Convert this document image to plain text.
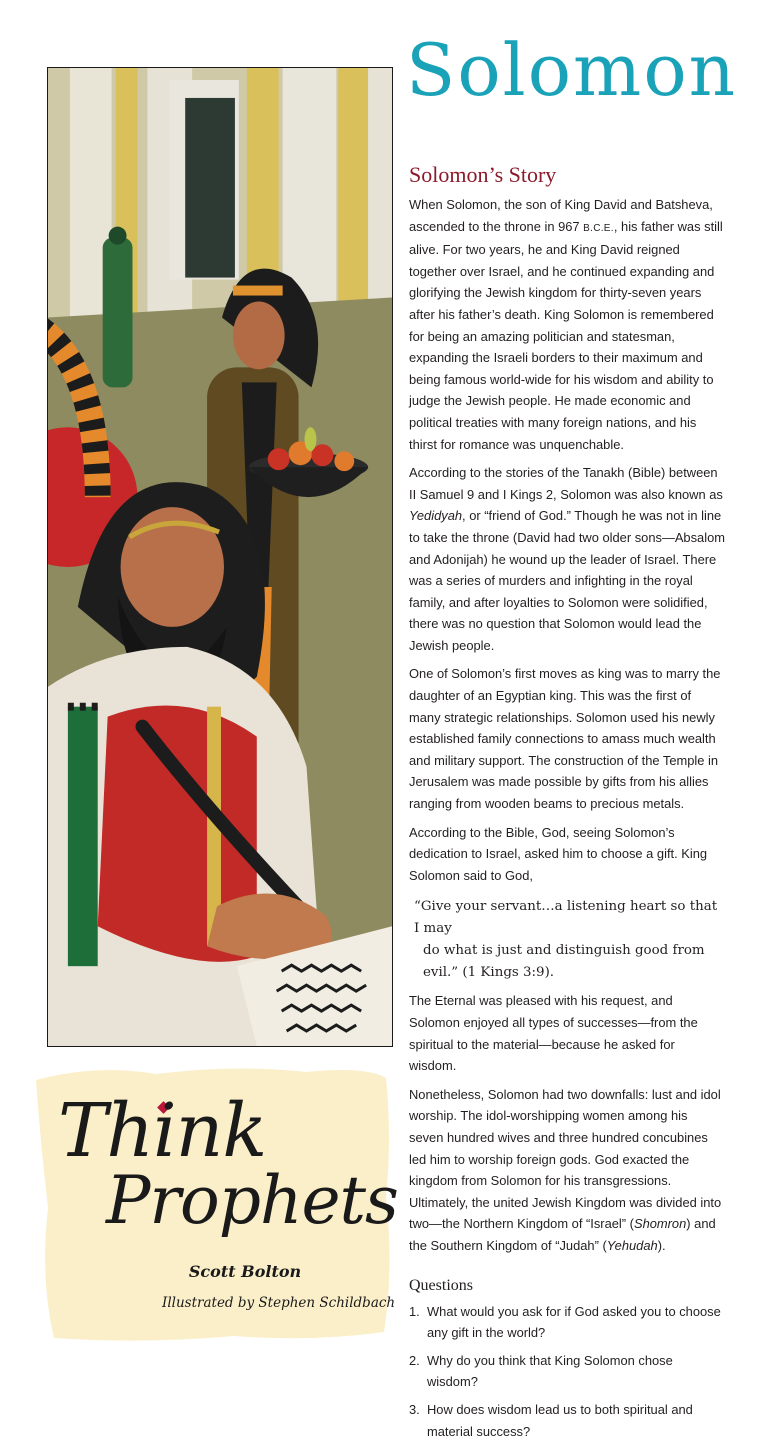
Solomon
Solomon’s Story

When Solomon, the son of King David and Batsheva, ascended to the throne in 967 B.C.E., his father was still alive. For two years, he and King David reigned together over Israel, and he continued expanding and glorifying the Jewish kingdom for thirty-seven years after his father’s death. King Solomon is remembered for being an amazing politician and statesman, expanding the Israeli borders to their maximum and being famous world-wide for his wisdom and ability to judge the Jewish people. He made economic and political treaties with many foreign nations, and his thirst for romance was unquenchable.

According to the stories of the Tanakh (Bible) between II Samuel 9 and I Kings 2, Solomon was also known as Yedidyah, or “friend of God.” Though he was not in line to take the throne (David had two older sons—Absalom and Adonijah) he wound up the leader of Israel. There was a series of murders and infighting in the royal family, and after loyalties to Solomon were solidified, there was no question that Solomon would lead the Jewish people.

One of Solomon’s first moves as king was to marry the daughter of an Egyptian king. This was the first of many strategic relationships. Solomon used his newly established family connections to amass much wealth and military support. The construction of the Temple in Jerusalem was made possible by gifts from his allies ranging from wooden beams to precious metals.

According to the Bible, God, seeing Solomon’s dedication to Israel, asked him to choose a gift. King Solomon said to God,

“Give your servant…a listening heart so that I may
do what is just and distinguish good from evil.” (1 Kings 3:9).

The Eternal was pleased with his request, and Solomon enjoyed all types of successes—from the spiritual to the material—because he asked for wisdom.

Nonetheless, Solomon had two downfalls: lust and idol worship. The idol-worshipping women among his seven hundred wives and three hundred concubines led him to worship foreign gods. God exacted the kingdom from Solomon for his transgressions. Ultimately, the united Jewish Kingdom was divided into two—the Northern Kingdom of “Israel” (Shomron) and the Southern Kingdom of “Judah” (Yehudah).

Questions
1. What would you ask for if God asked you to choose any gift in the world?
2. Why do you think that King Solomon chose wisdom?
3. How does wisdom lead us to both spiritual and material success?

Think

Prophets

Scott Bolton
Illustrated by Stephen Schildbach
